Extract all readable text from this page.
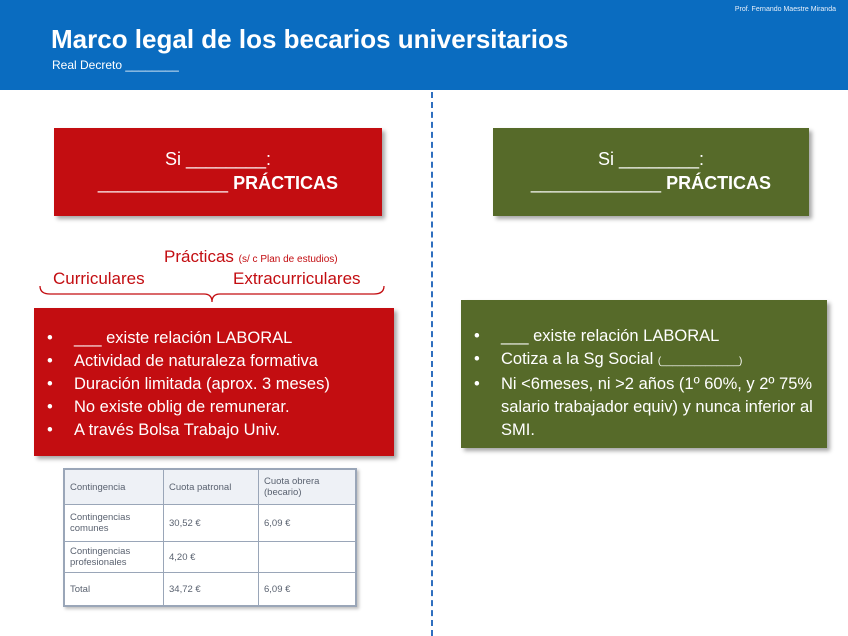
Prof. Fernando Maestre Miranda
Marco legal de los becarios universitarios
Real Decreto ________
Si ________:
_____________ PRÁCTICAS
Prácticas (s/ c Plan de estudios)
Curriculares	Extracurriculares
• ___ existe relación LABORAL
• Actividad de naturaleza formativa
• Duración limitada (aprox. 3 meses)
• No existe oblig de remunerar.
• A través Bolsa Trabajo Univ.
Contingencia	Cuota patronal	Cuota obrera (becario)
Contingencias comunes	30,52 €	6,09 €
Contingencias profesionales	4,20 €	
Total	34,72 €	6,09 €
Si ________:
_____________ PRÁCTICAS
• ___ existe relación LABORAL
• Cotiza a la Sg Social (______________)
• Ni <6meses, ni >2 años (1º 60%, y 2º 75% salario trabajador equiv) y nunca inferior al SMI.
